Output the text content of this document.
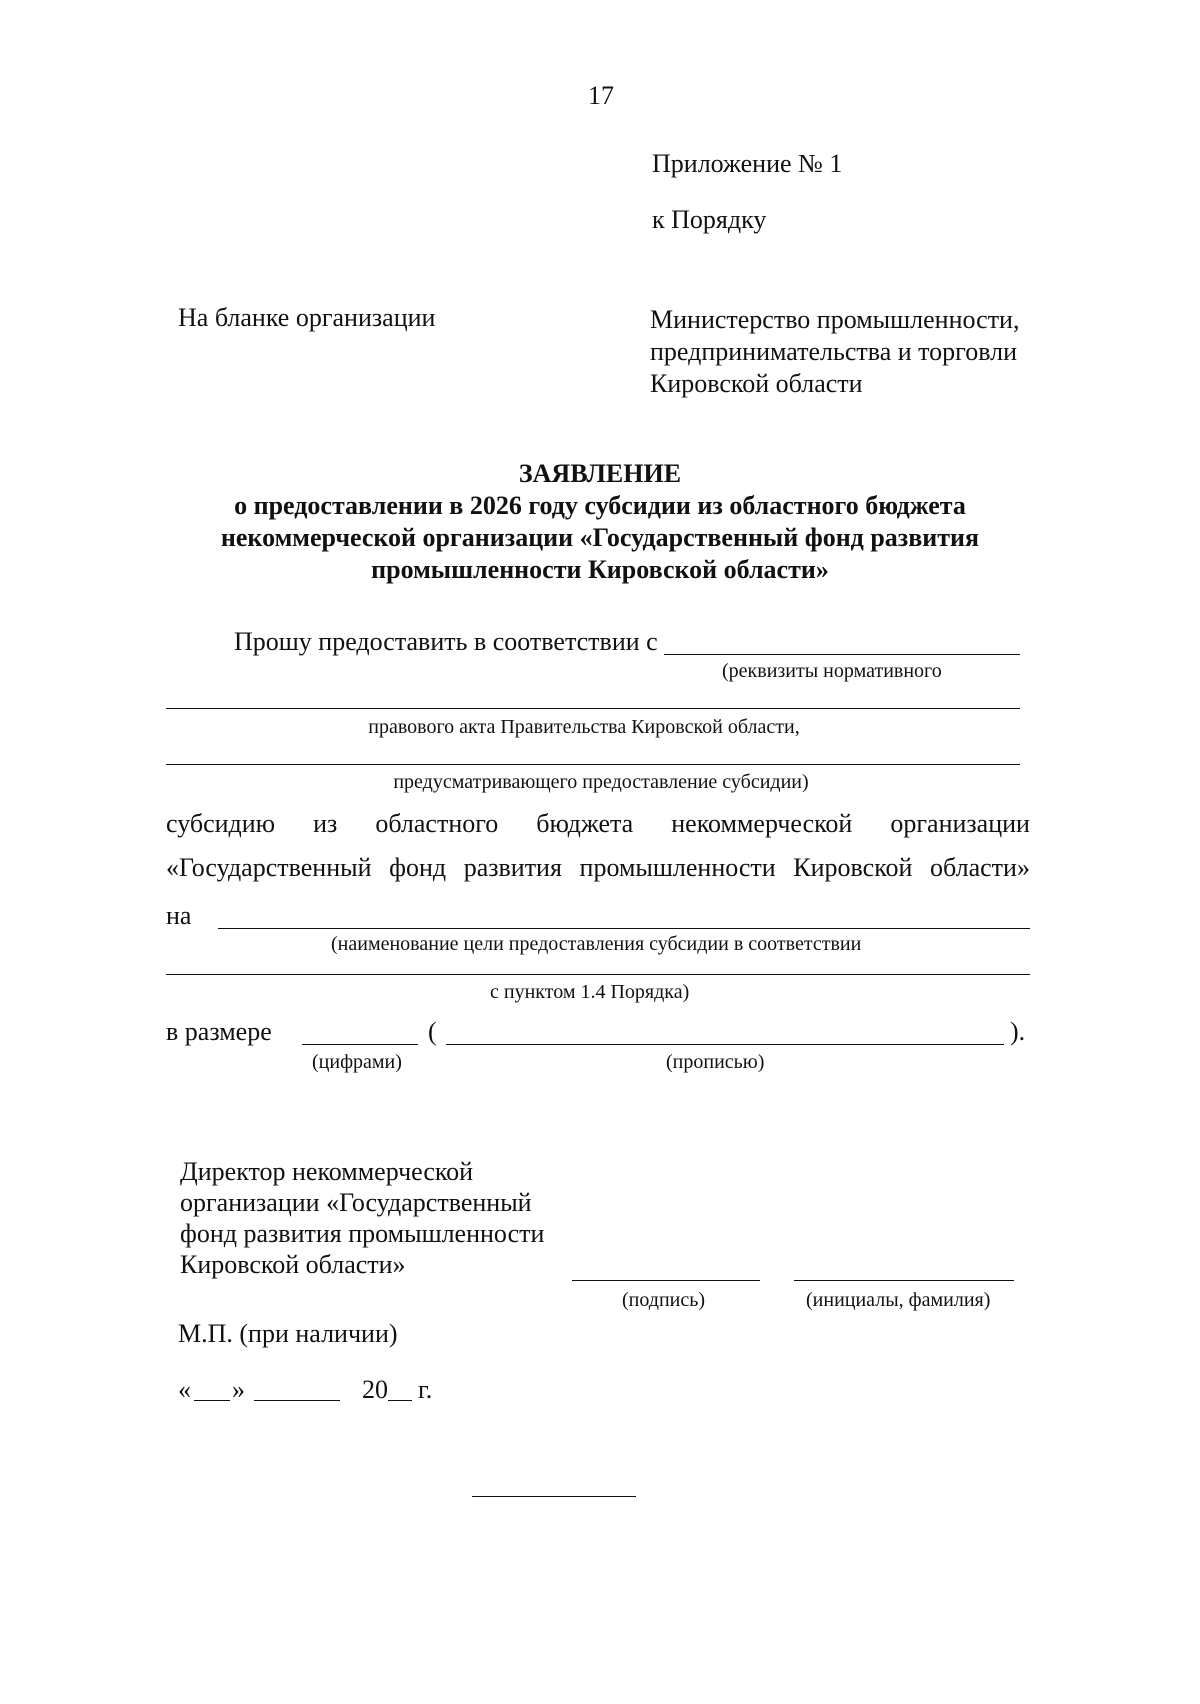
17
Приложение № 1
к Порядку
На бланке организации	Министерство промышленности,
предпринимательства и торговли
Кировской области
ЗАЯВЛЕНИЕ
о предоставлении в 2026 году субсидии из областного бюджета
некоммерческой организации «Государственный фонд развития
промышленности Кировской области»
Прошу предоставить в соответствии с
(реквизиты нормативного
правового акта Правительства Кировской области,
предусматривающего предоставление субсидии)
субсидию из областного бюджета некоммерческой организации
«Государственный фонд развития промышленности Кировской области»
на
(наименование цели предоставления субсидии в соответствии
с пунктом 1.4 Порядка)
в размере	(	).
(цифрами)	(прописью)
Директор некоммерческой
организации «Государственный
фонд развития промышленности
Кировской области»
(подпись)	(инициалы, фамилия)
М.П. (при наличии)
« »	20 г.
